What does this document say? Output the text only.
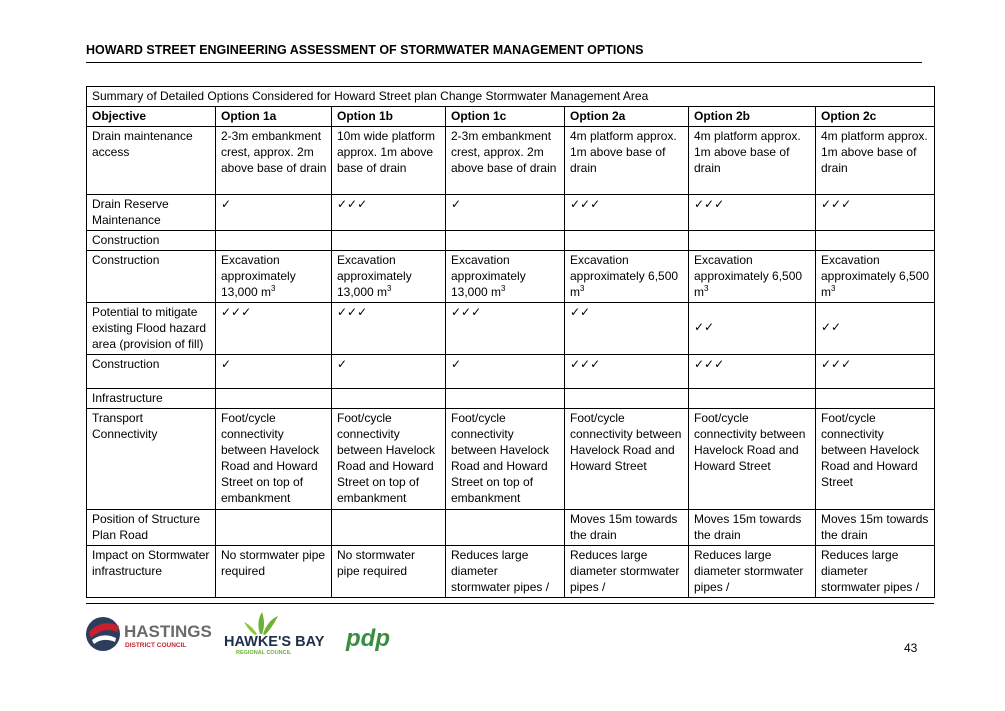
HOWARD STREET ENGINEERING ASSESSMENT OF STORMWATER MANAGEMENT OPTIONS
Summary of Detailed Options Considered for Howard Street plan Change Stormwater Management Area						
Objective	Option 1a	Option 1b	Option 1c	Option 2a	Option 2b	Option 2c
Drain maintenance access	2-3m embankment crest, approx. 2m above base of drain	10m wide platform approx. 1m above base of drain	2-3m embankment crest, approx. 2m above base of drain	4m platform approx. 1m above base of drain	4m platform approx. 1m above base of drain	4m platform approx. 1m above base of drain
Drain Reserve Maintenance	✓	✓✓✓	✓	✓✓✓	✓✓✓	✓✓✓
Construction						
Construction	Excavation approximately 13,000 $m^3$	Excavation approximately 13,000 $m^3$	Excavation approximately 13,000 $m^3$	Excavation approximately 6,500 $m^3$	Excavation approximately 6,500 $m^3$	Excavation approximately 6,500 $m^3$
Potential to mitigate existing Flood hazard area (provision of fill)	✓✓✓	✓✓✓	✓✓✓	✓✓	✓✓	✓✓
Construction	✓	✓	✓	✓✓✓	✓✓✓	✓✓✓
Infrastructure						
Transport Connectivity	Foot/cycle connectivity between Havelock Road and Howard Street on top of embankment	Foot/cycle connectivity between Havelock Road and Howard Street on top of embankment	Foot/cycle connectivity between Havelock Road and Howard Street on top of embankment	Foot/cycle connectivity between Havelock Road and Howard Street	Foot/cycle connectivity between Havelock Road and Howard Street	Foot/cycle connectivity between Havelock Road and Howard Street
Position of Structure Plan Road				Moves 15m towards the drain	Moves 15m towards the drain	Moves 15m towards the drain
Impact on Stormwater infrastructure	No stormwater pipe required	No stormwater pipe required	Reduces large diameter stormwater pipes /	Reduces large diameter stormwater pipes /	Reduces large diameter stormwater pipes /	Reduces large diameter stormwater pipes /
HASTINGS
DISTRICT COUNCIL	HAWKE'S BAY
REGIONAL COUNCIL
pdp	43
